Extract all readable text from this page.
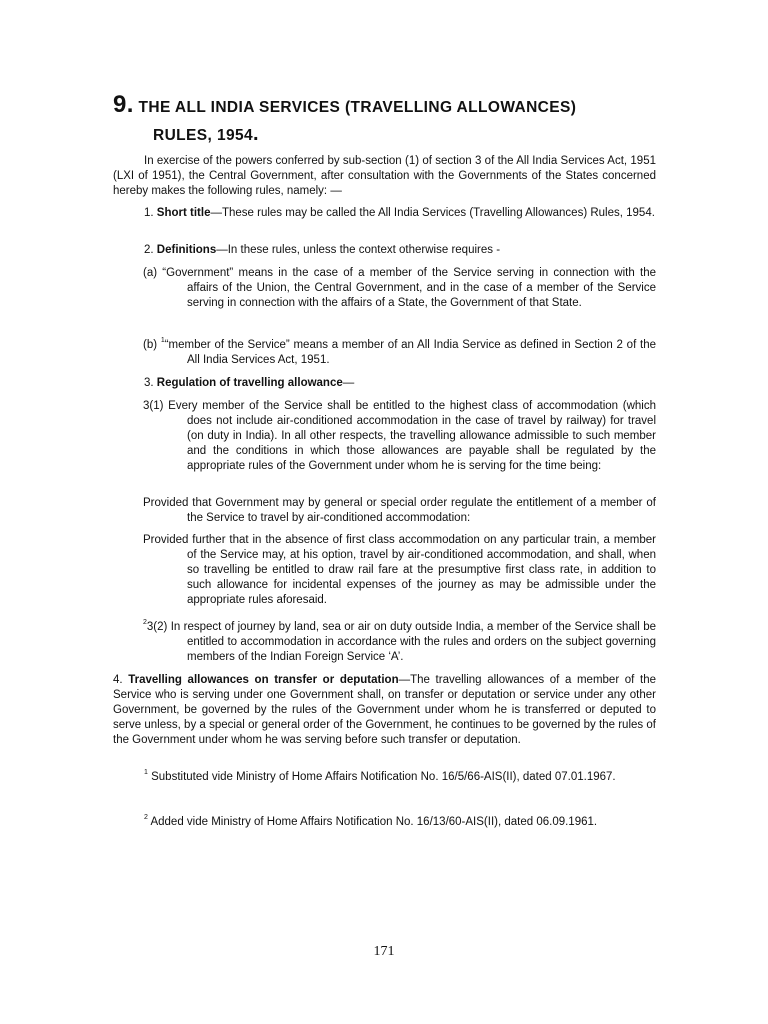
9. THE ALL INDIA SERVICES (TRAVELLING ALLOWANCES)
RULES, 1954.

In exercise of the powers conferred by sub-section (1) of section 3 of the All India Services Act, 1951 (LXI of 1951), the Central Government, after consultation with the Governments of the States concerned hereby makes the following rules, namely: —

1. Short title—These rules may be called the All India Services (Travelling Allowances) Rules, 1954.

2. Definitions—In these rules, unless the context otherwise requires -

(a) “Government” means in the case of a member of the Service serving in connection with the affairs of the Union, the Central Government, and in the case of a member of the Service serving in connection with the affairs of a State, the Government of that State.

(b) $^1$“member of the Service” means a member of an All India Service as defined in Section 2 of the All India Services Act, 1951.

3. Regulation of travelling allowance—

3(1) Every member of the Service shall be entitled to the highest class of accommodation (which does not include air-conditioned accommodation in the case of travel by railway) for travel (on duty in India). In all other respects, the travelling allowance admissible to such member and the conditions in which those allowances are payable shall be regulated by the appropriate rules of the Government under whom he is serving for the time being:

Provided that Government may by general or special order regulate the entitlement of a member of the Service to travel by air-conditioned accommodation:

Provided further that in the absence of first class accommodation on any particular train, a member of the Service may, at his option, travel by air-conditioned accommodation, and shall, when so travelling be entitled to draw rail fare at the presumptive first class rate, in addition to such allowance for incidental expenses of the journey as may be admissible under the appropriate rules aforesaid.

$^2$3(2) In respect of journey by land, sea or air on duty outside India, a member of the Service shall be entitled to accommodation in accordance with the rules and orders on the subject governing members of the Indian Foreign Service ‘A’.

4. Travelling allowances on transfer or deputation—The travelling allowances of a member of the Service who is serving under one Government shall, on transfer or deputation or service under any other Government, be governed by the rules of the Government under whom he is transferred or deputed to serve unless, by a special or general order of the Government, he continues to be governed by the rules of the Government under whom he was serving before such transfer or deputation.

$^1$ Substituted vide Ministry of Home Affairs Notification No. 16/5/66-AIS(II), dated 07.01.1967.

$^2$ Added vide Ministry of Home Affairs Notification No. 16/13/60-AIS(II), dated 06.09.1961.

171
